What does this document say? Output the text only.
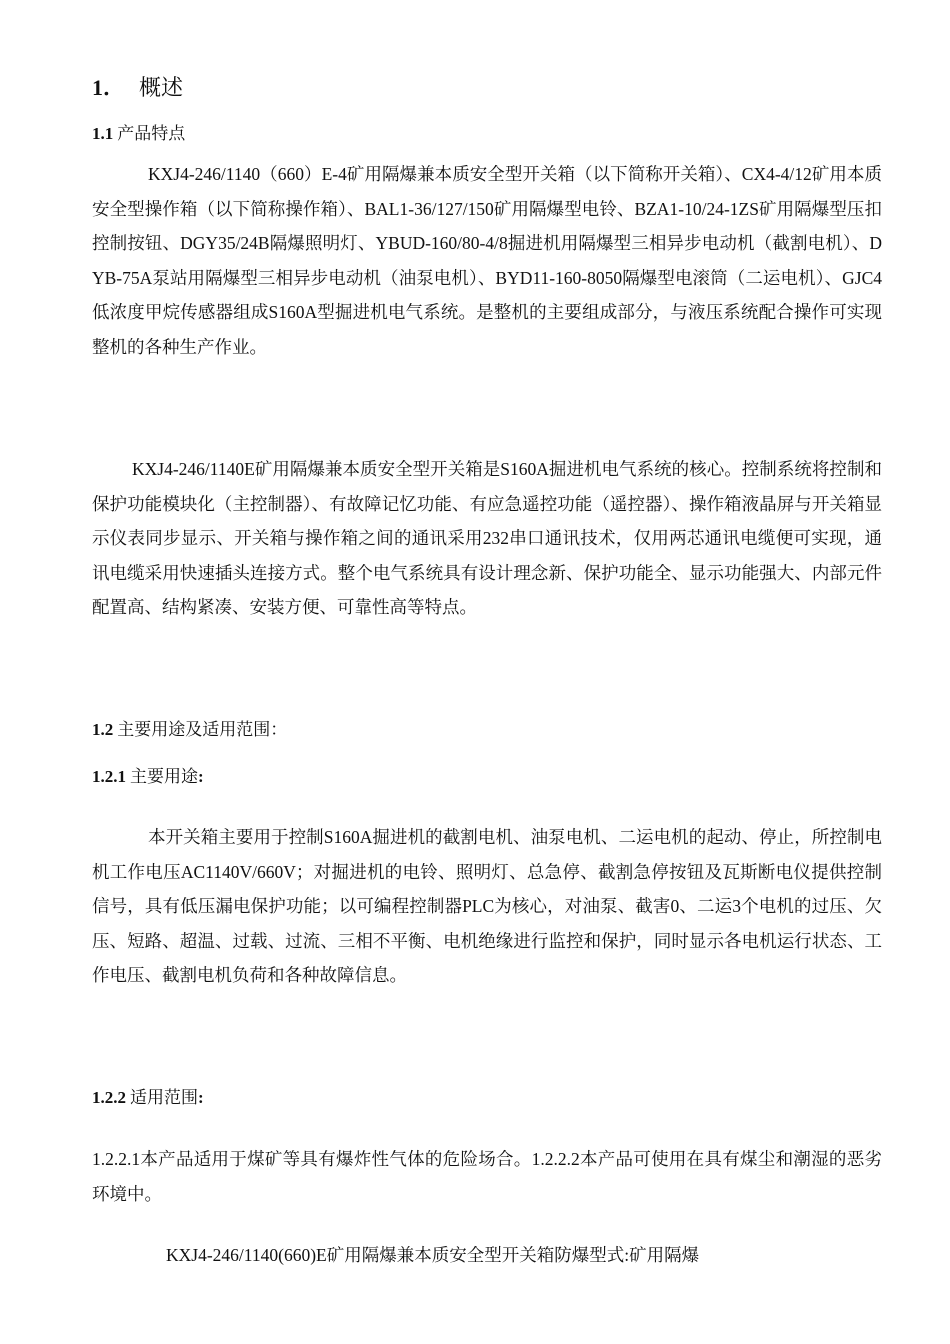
1． 概述
1.1 产品特点
KXJ4-246/1140（660）E-4矿用隔爆兼本质安全型开关箱（以下简称开关箱）、CX4-4/12矿用本质安全型操作箱（以下简称操作箱）、BAL1-36/127/150矿用隔爆型电铃、BZA1-10/24-1ZS矿用隔爆型压扣控制按钮、DGY35/24B隔爆照明灯、YBUD-160/80-4/8掘进机用隔爆型三相异步电动机（截割电机）、DYB-75A泵站用隔爆型三相异步电动机（油泵电机）、BYD11-160-8050隔爆型电滚筒（二运电机）、GJC4低浓度甲烷传感器组成S160A型掘进机电气系统。是整机的主要组成部分，与液压系统配合操作可实现整机的各种生产作业。
KXJ4-246/1140E矿用隔爆兼本质安全型开关箱是S160A掘进机电气系统的核心。控制系统将控制和保护功能模块化（主控制器）、有故障记忆功能、有应急遥控功能（遥控器）、操作箱液晶屏与开关箱显示仪表同步显示、开关箱与操作箱之间的通讯采用232串口通讯技术，仅用两芯通讯电缆便可实现，通讯电缆采用快速插头连接方式。整个电气系统具有设计理念新、保护功能全、显示功能强大、内部元件配置高、结构紧凑、安装方便、可靠性高等特点。
1.2 主要用途及适用范围：
1.2.1 主要用途:
本开关箱主要用于控制S160A掘进机的截割电机、油泵电机、二运电机的起动、停止，所控制电机工作电压AC1140V/660V；对掘进机的电铃、照明灯、总急停、截割急停按钮及瓦斯断电仪提供控制信号，具有低压漏电保护功能；以可编程控制器PLC为核心，对油泵、截害0、二运3个电机的过压、欠压、短路、超温、过载、过流、三相不平衡、电机绝缘进行监控和保护，同时显示各电机运行状态、工作电压、截割电机负荷和各种故障信息。
1.2.2 适用范围:
1.2.2.1本产品适用于煤矿等具有爆炸性气体的危险场合。1.2.2.2本产品可使用在具有煤尘和潮湿的恶劣环境中。
KXJ4-246/1140(660)E矿用隔爆兼本质安全型开关箱防爆型式:矿用隔爆
